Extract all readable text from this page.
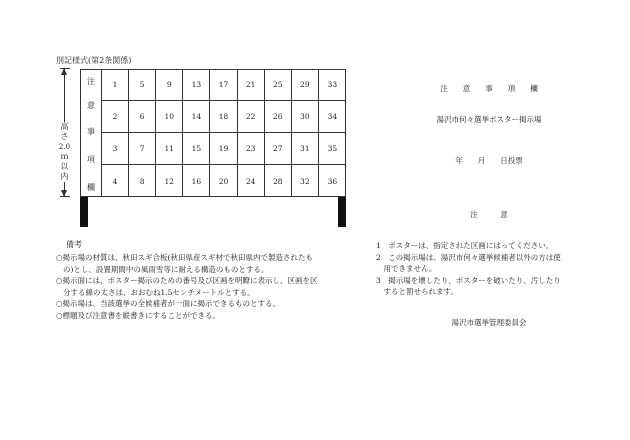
別記様式(第2条関係)
高
さ
2.0
ｍ
以
内
注
意
事
項
欄
1	5	9	13	17	21	25	29	33
2	6	10	14	18	22	26	30	34
3	7	11	15	19	23	27	31	35
4	8	12	16	20	24	28	32	36
備考
○掲示場の材質は、秋田スギ合板(秋田県産スギ材で秋田県内で製造されたも
の)とし、設置期間中の風雨雪等に耐える構造のものとする。
○掲示面には、ポスター掲示のための番号及び区画を明瞭に表示し、区画を区
分する線の太さは、おおむね1.5センチメートルとする。
○掲示場は、当該選挙の全候補者が一面に掲示できるものとする。
○標題及び注意書を縦書きにすることができる。
注　　意　　事　　項　　欄
湯沢市何々選挙ポスター掲示場
年　　月　　日投票
注　　　意
1　ポスターは、指定された区画にはってください。
2　この掲示場は、湯沢市何々選挙候補者以外の方は使
　用できません。
3　掲示場を壊したり、ポスターを破いたり、汚したり
　すると罰せられます。
湯沢市選挙管理委員会
